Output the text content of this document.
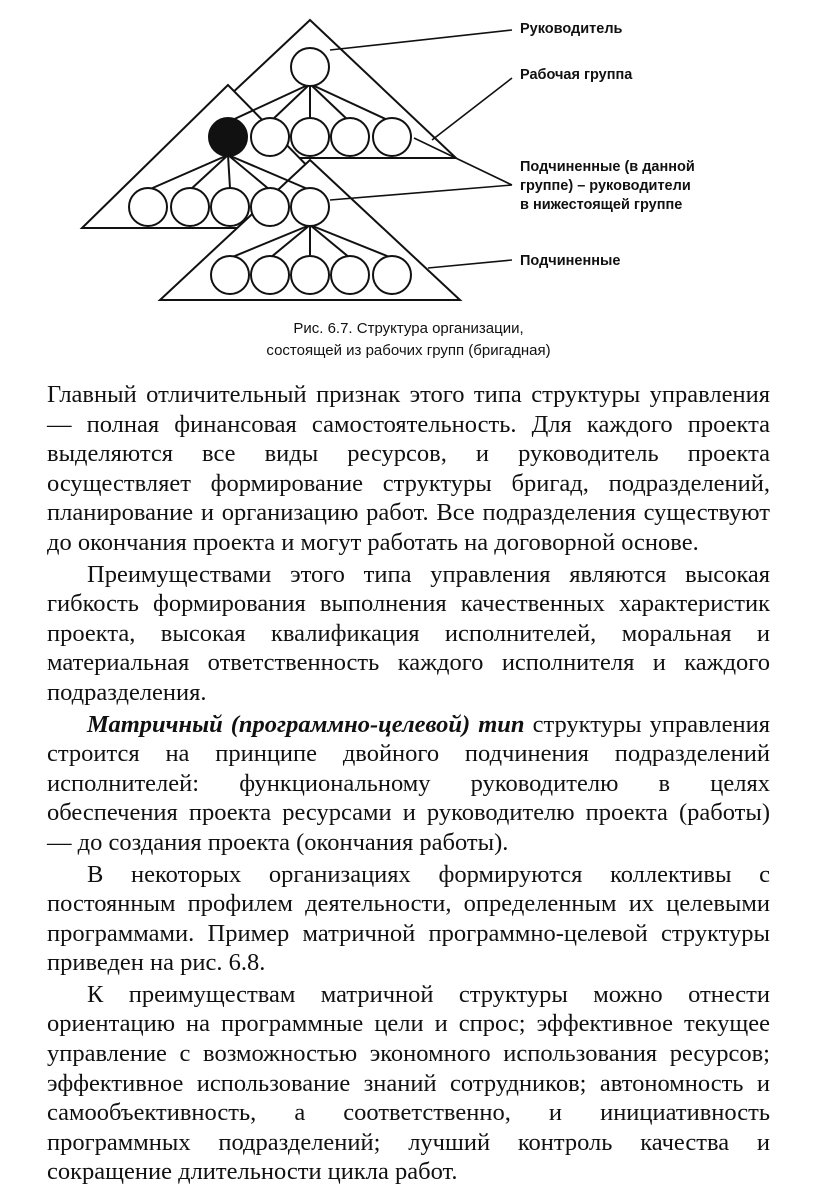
Руководитель
Рабочая группа
Подчиненные (в данной
группе) – руководители
в нижестоящей группе
Подчиненные
Рис. 6.7. Структура организации,
состоящей из рабочих групп (бригадная)

Главный отличительный признак этого типа структуры управления — полная финансовая самостоятельность. Для каждого проекта выделяются все виды ресурсов, и руководитель проекта осуществляет формирование структуры бригад, подразделений, планирование и организацию работ. Все подразделения существуют до окончания проекта и могут работать на договорной основе.

Преимуществами этого типа управления являются высокая гибкость формирования выполнения качественных характеристик проекта, высокая квалификация исполнителей, моральная и материальная ответственность каждого исполнителя и каждого подразделения.

Матричный (программно-целевой) тип структуры управления строится на принципе двойного подчинения подразделений исполнителей: функциональному руководителю в целях обеспечения проекта ресурсами и руководителю проекта (работы) — до создания проекта (окончания работы).

В некоторых организациях формируются коллективы с постоянным профилем деятельности, определенным их целевыми программами. Пример матричной программно-целевой структуры приведен на рис. 6.8.

К преимуществам матричной структуры можно отнести ориентацию на программные цели и спрос; эффективное текущее управление с возможностью экономного использования ресурсов; эффективное использование знаний сотрудников; автономность и самообъективность, а соответственно, и инициативность программных подразделений; лучший контроль качества и сокращение длительности цикла работ.
